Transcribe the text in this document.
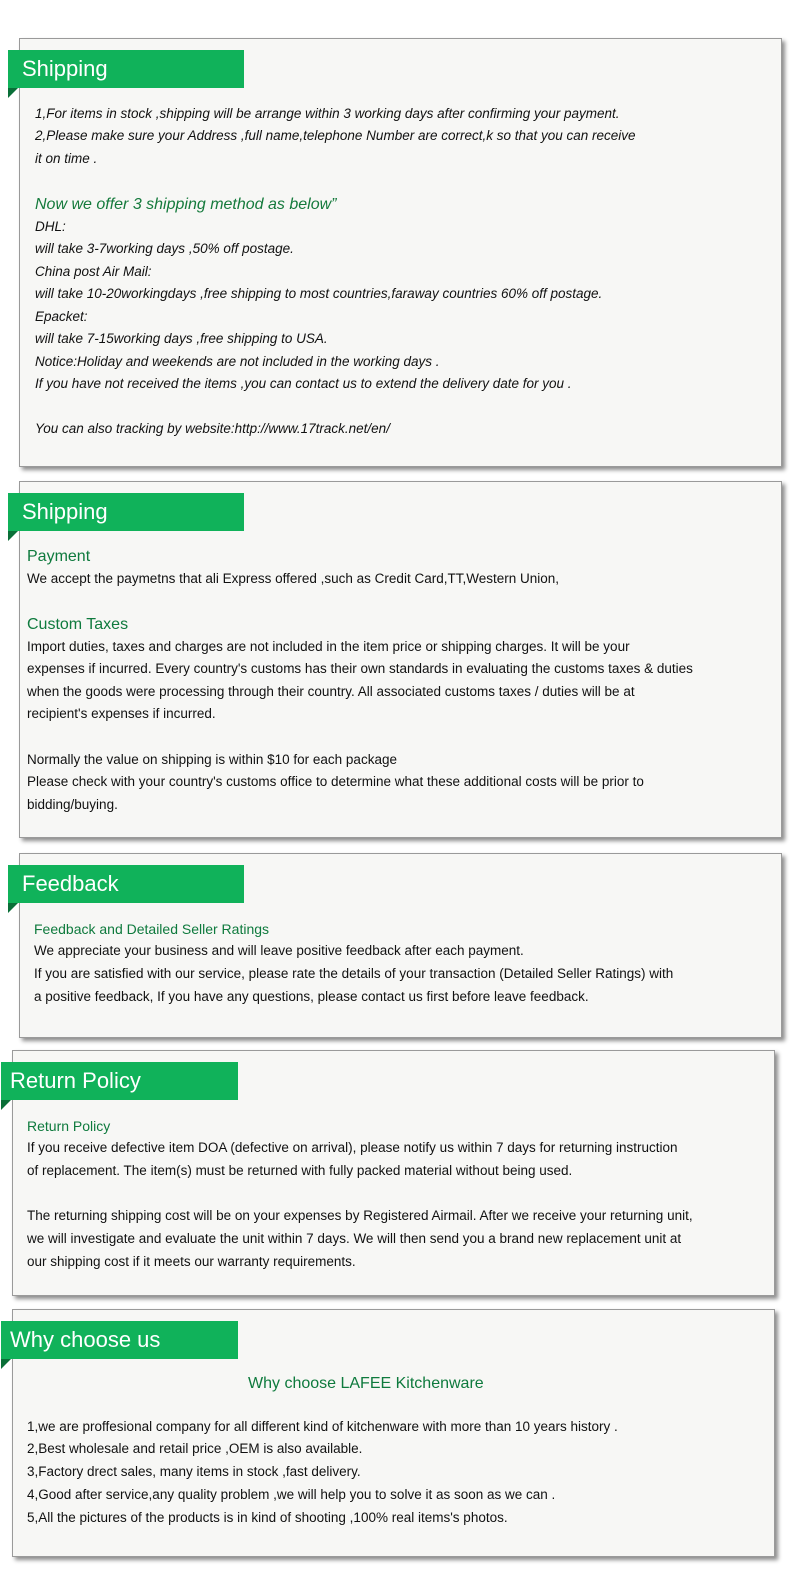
Shipping
1,For items in stock ,shipping will be arrange within 3 working days after confirming your payment.
2,Please make sure your Address ,full name,telephone Number are correct,k so that you can receive
it on time .
Now we offer 3 shipping method as below”
DHL:
will take 3-7working days ,50% off postage.
China post Air Mail:
will take 10-20workingdays ,free shipping to most countries,faraway countries 60% off postage.
Epacket:
will take 7-15working days ,free shipping to USA.
Notice:Holiday and weekends are not included in the working days .
If you have not received the items ,you can contact us to extend the delivery date for you .
You can also tracking by website:http://www.17track.net/en/
Shipping
Payment
We accept the paymetns that ali Express offered ,such as Credit Card,TT,Western Union,
Custom Taxes
Import duties, taxes and charges are not included in the item price or shipping charges. It will be your
expenses if incurred. Every country's customs has their own standards in evaluating the customs taxes & duties
when the goods were processing through their country. All associated customs taxes / duties will be at
recipient's expenses if incurred.
Normally the value on shipping is within $10 for each package
Please check with your country's customs office to determine what these additional costs will be prior to
bidding/buying.
Feedback
Feedback and Detailed Seller Ratings
We appreciate your business and will leave positive feedback after each payment.
If you are satisfied with our service, please rate the details of your transaction (Detailed Seller Ratings) with
a positive feedback, If you have any questions, please contact us first before leave feedback.
Return Policy
Return Policy
If you receive defective item DOA (defective on arrival), please notify us within 7 days for returning instruction
of replacement. The item(s) must be returned with fully packed material without being used.
The returning shipping cost will be on your expenses by Registered Airmail. After we receive your returning unit,
we will investigate and evaluate the unit within 7 days. We will then send you a brand new replacement unit at
our shipping cost if it meets our warranty requirements.
Why choose us
Why choose LAFEE Kitchenware
1,we are proffesional company for all different kind of kitchenware with more than 10 years history .
2,Best wholesale and retail price ,OEM is also available.
3,Factory drect sales, many items in stock ,fast delivery.
4,Good after service,any quality problem ,we will help you to solve it as soon as we can .
5,All the pictures of the products is in kind of shooting ,100% real items's photos.
